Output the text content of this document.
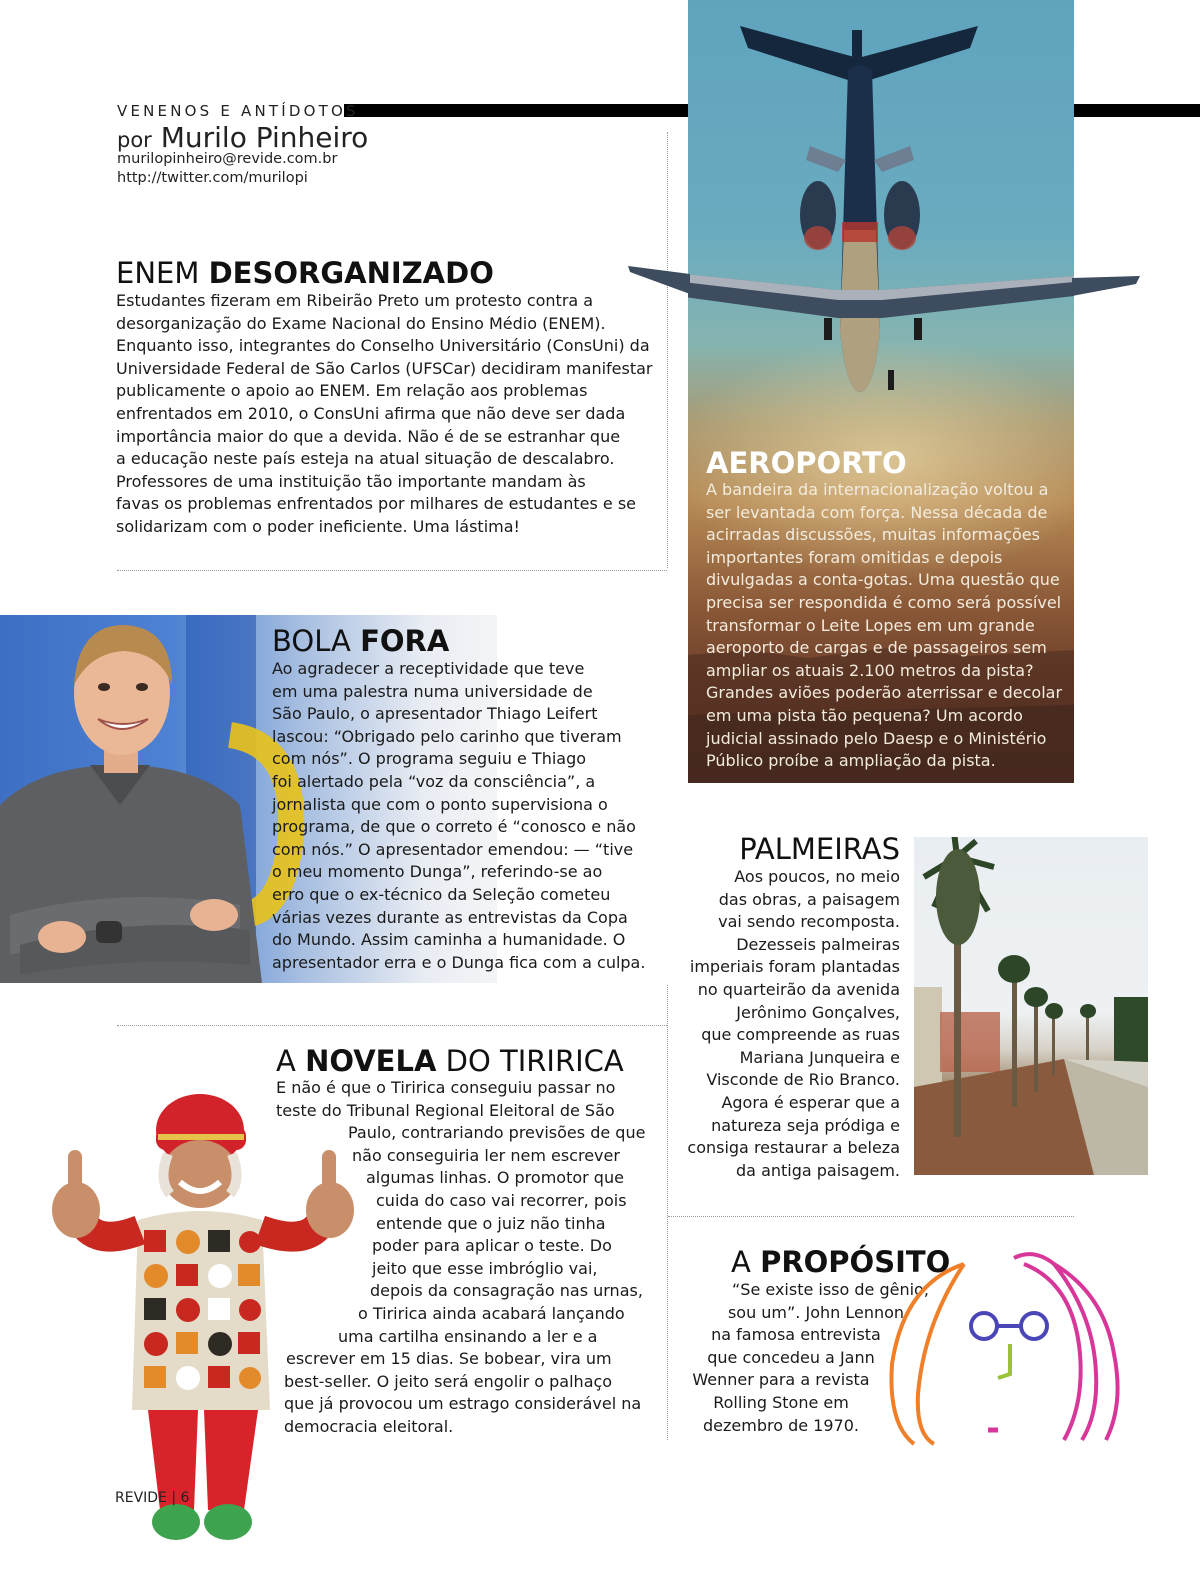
VENENOS E ANTÍDOTOS
por Murilo Pinheiro
murilopinheiro@revide.com.br
http://twitter.com/murilopi
ENEM DESORGANIZADO
Estudantes fizeram em Ribeirão Preto um protesto contra a
desorganização do Exame Nacional do Ensino Médio (ENEM).
Enquanto isso, integrantes do Conselho Universitário (ConsUni) da
Universidade Federal de São Carlos (UFSCar) decidiram manifestar
publicamente o apoio ao ENEM. Em relação aos problemas
enfrentados em 2010, o ConsUni afirma que não deve ser dada
importância maior do que a devida. Não é de se estranhar que
a educação neste país esteja na atual situação de descalabro.
Professores de uma instituição tão importante mandam às
favas os problemas enfrentados por milhares de estudantes e se
solidarizam com o poder ineficiente. Uma lástima!
AEROPORTO
A bandeira da internacionalização voltou a
ser levantada com força. Nessa década de
acirradas discussões, muitas informações
importantes foram omitidas e depois
divulgadas a conta-gotas. Uma questão que
precisa ser respondida é como será possível
transformar o Leite Lopes em um grande
aeroporto de cargas e de passageiros sem
ampliar os atuais 2.100 metros da pista?
Grandes aviões poderão aterrissar e decolar
em uma pista tão pequena? Um acordo
judicial assinado pelo Daesp e o Ministério
Público proíbe a ampliação da pista.
BOLA FORA
Ao agradecer a receptividade que teve
em uma palestra numa universidade de
São Paulo, o apresentador Thiago Leifert
lascou: “Obrigado pelo carinho que tiveram
com nós”. O programa seguiu e Thiago
foi alertado pela “voz da consciência”, a
jornalista que com o ponto supervisiona o
programa, de que o correto é “conosco e não
com nós.” O apresentador emendou: — “tive
o meu momento Dunga”, referindo-se ao
erro que o ex-técnico da Seleção cometeu
várias vezes durante as entrevistas da Copa
do Mundo. Assim caminha a humanidade. O
apresentador erra e o Dunga fica com a culpa.
PALMEIRAS
Aos poucos, no meio
das obras, a paisagem
vai sendo recomposta.
Dezesseis palmeiras
imperiais foram plantadas
no quarteirão da avenida
Jerônimo Gonçalves,
que compreende as ruas
Mariana Junqueira e
Visconde de Rio Branco.
Agora é esperar que a
natureza seja pródiga e
consiga restaurar a beleza
da antiga paisagem.
A NOVELA DO TIRIRICA
E não é que o Tiririca conseguiu passar no
teste do Tribunal Regional Eleitoral de São
Paulo, contrariando previsões de que
não conseguiria ler nem escrever
algumas linhas. O promotor que
cuida do caso vai recorrer, pois
entende que o juiz não tinha
poder para aplicar o teste. Do
jeito que esse imbróglio vai,
depois da consagração nas urnas,
o Tiririca ainda acabará lançando
uma cartilha ensinando a ler e a
escrever em 15 dias. Se bobear, vira um
best-seller. O jeito será engolir o palhaço
que já provocou um estrago considerável na
democracia eleitoral.
A PROPÓSITO
“Se existe isso de gênio,
sou um”. John Lennon
na famosa entrevista
que concedeu a Jann
Wenner para a revista
Rolling Stone em
dezembro de 1970.
REVIDE | 6
